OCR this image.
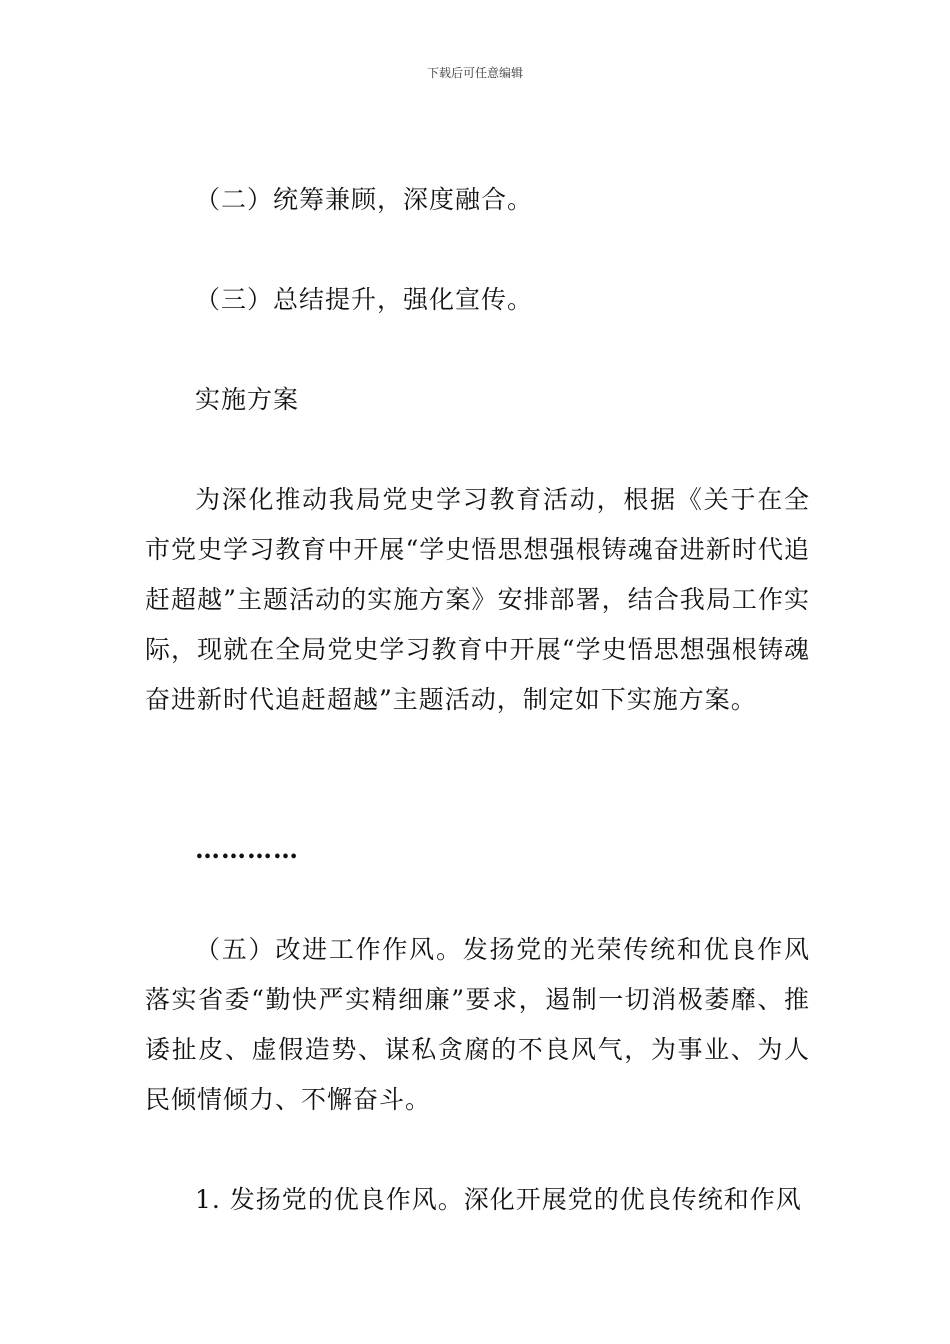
下载后可任意编辑

（二）统筹兼顾，深度融合。

（三）总结提升，强化宣传。

实施方案

为深化推动我局党史学习教育活动，根据《关于在全市党史学习教育中开展“学史悟思想强根铸魂奋进新时代追赶超越”主题活动的实施方案》安排部署，结合我局工作实际，现就在全局党史学习教育中开展“学史悟思想强根铸魂奋进新时代追赶超越”主题活动，制定如下实施方案。

…………

（五）改进工作作风。发扬党的光荣传统和优良作风落实省委“勤快严实精细廉”要求，遏制一切消极萎靡、推诿扯皮、虚假造势、谋私贪腐的不良风气，为事业、为人民倾情倾力、不懈奋斗。

1. 发扬党的优良作风。深化开展党的优良传统和作风
